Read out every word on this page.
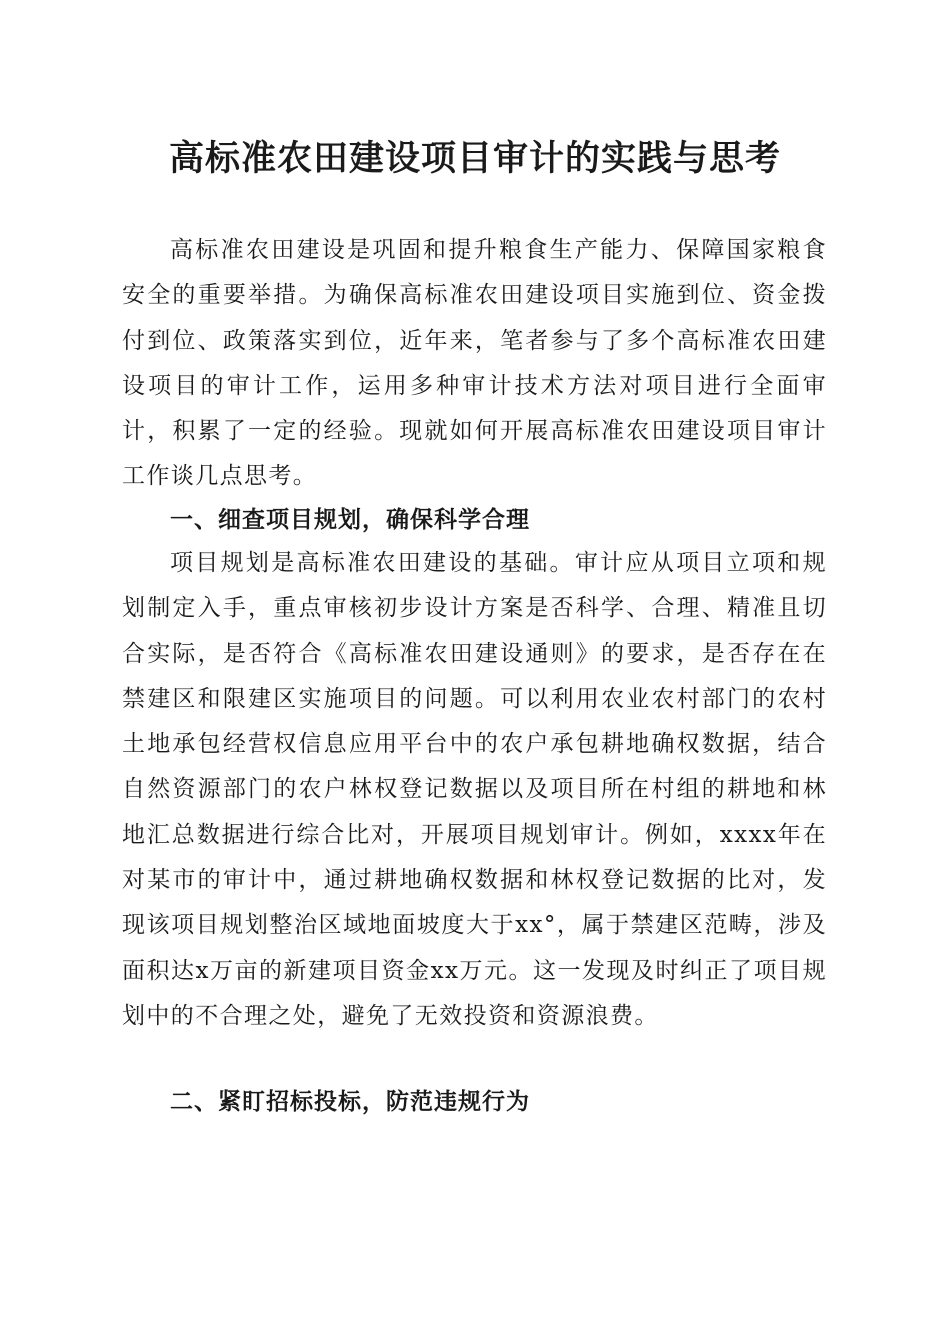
高标准农田建设项目审计的实践与思考

高标准农田建设是巩固和提升粮食生产能力、保障国家粮食安全的重要举措。为确保高标准农田建设项目实施到位、资金拨付到位、政策落实到位，近年来，笔者参与了多个高标准农田建设项目的审计工作，运用多种审计技术方法对项目进行全面审计，积累了一定的经验。现就如何开展高标准农田建设项目审计工作谈几点思考。

一、细查项目规划，确保科学合理

项目规划是高标准农田建设的基础。审计应从项目立项和规划制定入手，重点审核初步设计方案是否科学、合理、精准且切合实际，是否符合《高标准农田建设通则》的要求，是否存在在禁建区和限建区实施项目的问题。可以利用农业农村部门的农村土地承包经营权信息应用平台中的农户承包耕地确权数据，结合自然资源部门的农户林权登记数据以及项目所在村组的耕地和林地汇总数据进行综合比对，开展项目规划审计。例如，xxxx年在对某市的审计中，通过耕地确权数据和林权登记数据的比对，发现该项目规划整治区域地面坡度大于xx°，属于禁建区范畴，涉及面积达x万亩的新建项目资金xx万元。这一发现及时纠正了项目规划中的不合理之处，避免了无效投资和资源浪费。

二、紧盯招标投标，防范违规行为
